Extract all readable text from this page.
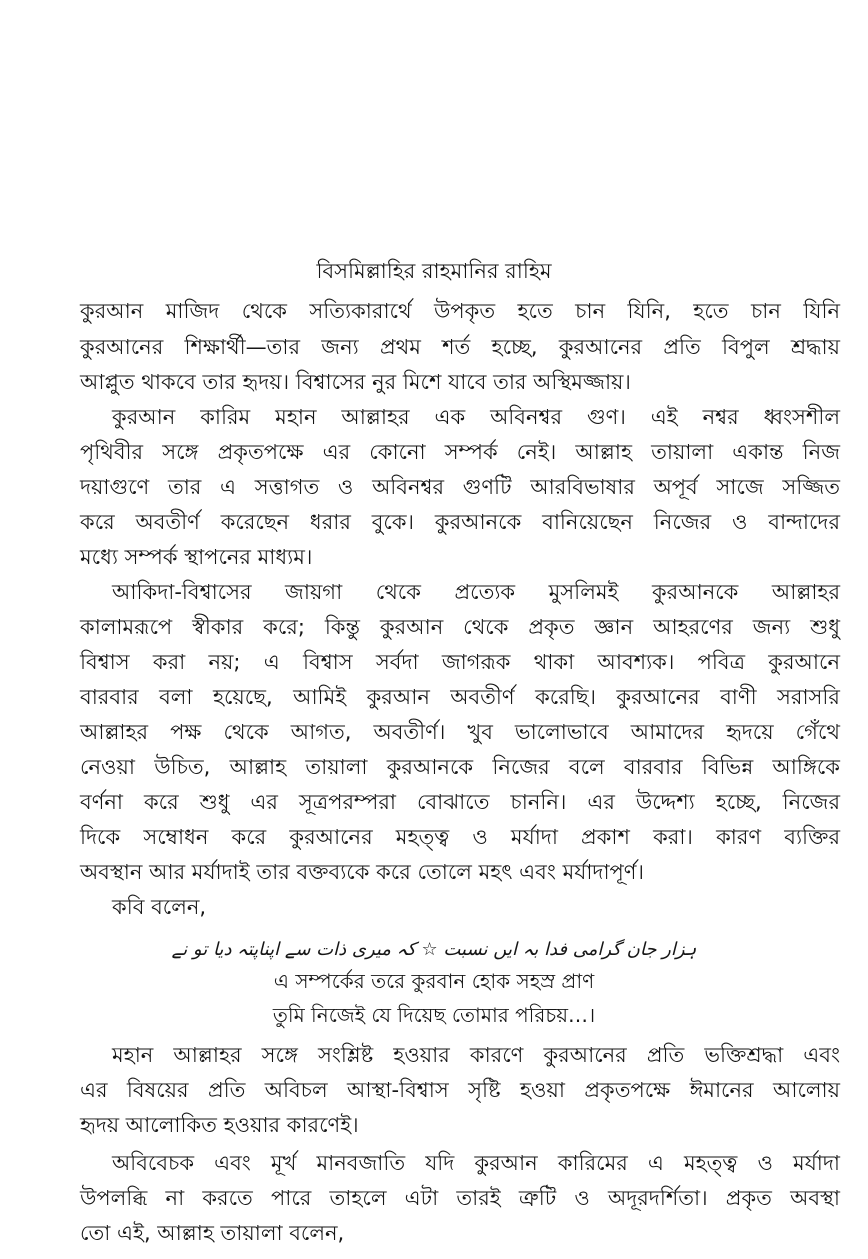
বিসমিল্লাহির রাহমানির রাহিম
কুরআন মাজিদ থেকে সত্যিকারার্থে উপকৃত হতে চান যিনি, হতে চান যিনি
কুরআনের শিক্ষার্থী—তার জন্য প্রথম শর্ত হচ্ছে, কুরআনের প্রতি বিপুল শ্রদ্ধায়
আপ্লুত থাকবে তার হৃদয়। বিশ্বাসের নুর মিশে যাবে তার অস্থিমজ্জায়।
কুরআন কারিম মহান আল্লাহর এক অবিনশ্বর গুণ। এই নশ্বর ধ্বংসশীল
পৃথিবীর সঙ্গে প্রকৃতপক্ষে এর কোনো সম্পর্ক নেই। আল্লাহ তায়ালা একান্ত নিজ
দয়াগুণে তার এ সত্তাগত ও অবিনশ্বর গুণটি আরবিভাষার অপূর্ব সাজে সজ্জিত
করে অবতীর্ণ করেছেন ধরার বুকে। কুরআনকে বানিয়েছেন নিজের ও বান্দাদের
মধ্যে সম্পর্ক স্থাপনের মাধ্যম।
আকিদা-বিশ্বাসের জায়গা থেকে প্রত্যেক মুসলিমই কুরআনকে আল্লাহর
কালামরূপে স্বীকার করে; কিন্তু কুরআন থেকে প্রকৃত জ্ঞান আহরণের জন্য শুধু
বিশ্বাস করা নয়; এ বিশ্বাস সর্বদা জাগরূক থাকা আবশ্যক। পবিত্র কুরআনে
বারবার বলা হয়েছে, আমিই কুরআন অবতীর্ণ করেছি। কুরআনের বাণী সরাসরি
আল্লাহর পক্ষ থেকে আগত, অবতীর্ণ। খুব ভালোভাবে আমাদের হৃদয়ে গেঁথে
নেওয়া উচিত, আল্লাহ তায়ালা কুরআনকে নিজের বলে বারবার বিভিন্ন আঙ্গিকে
বর্ণনা করে শুধু এর সূত্রপরম্পরা বোঝাতে চাননি। এর উদ্দেশ্য হচ্ছে, নিজের
দিকে সম্বোধন করে কুরআনের মহত্ত্ব ও মর্যাদা প্রকাশ করা। কারণ ব্যক্তির
অবস্থান আর মর্যাদাই তার বক্তব্যকে করে তোলে মহৎ এবং মর্যাদাপূর্ণ।
কবি বলেন,
ہزار جان گرامی فدا بہ ایں نسبت ☆ کہ میری ذات سے اپناپتہ دیا تو نے
এ সম্পর্কের তরে কুরবান হোক সহস্র প্রাণ
তুমি নিজেই যে দিয়েছ তোমার পরিচয়…।
মহান আল্লাহর সঙ্গে সংশ্লিষ্ট হওয়ার কারণে কুরআনের প্রতি ভক্তিশ্রদ্ধা এবং
এর বিষয়ের প্রতি অবিচল আস্থা-বিশ্বাস সৃষ্টি হওয়া প্রকৃতপক্ষে ঈমানের আলোয়
হৃদয় আলোকিত হওয়ার কারণেই।
অবিবেচক এবং মূর্খ মানবজাতি যদি কুরআন কারিমের এ মহত্ত্ব ও মর্যাদা
উপলব্ধি না করতে পারে তাহলে এটা তারই ত্রুটি ও অদূরদর্শিতা। প্রকৃত অবস্থা
তো এই, আল্লাহ তায়ালা বলেন,
